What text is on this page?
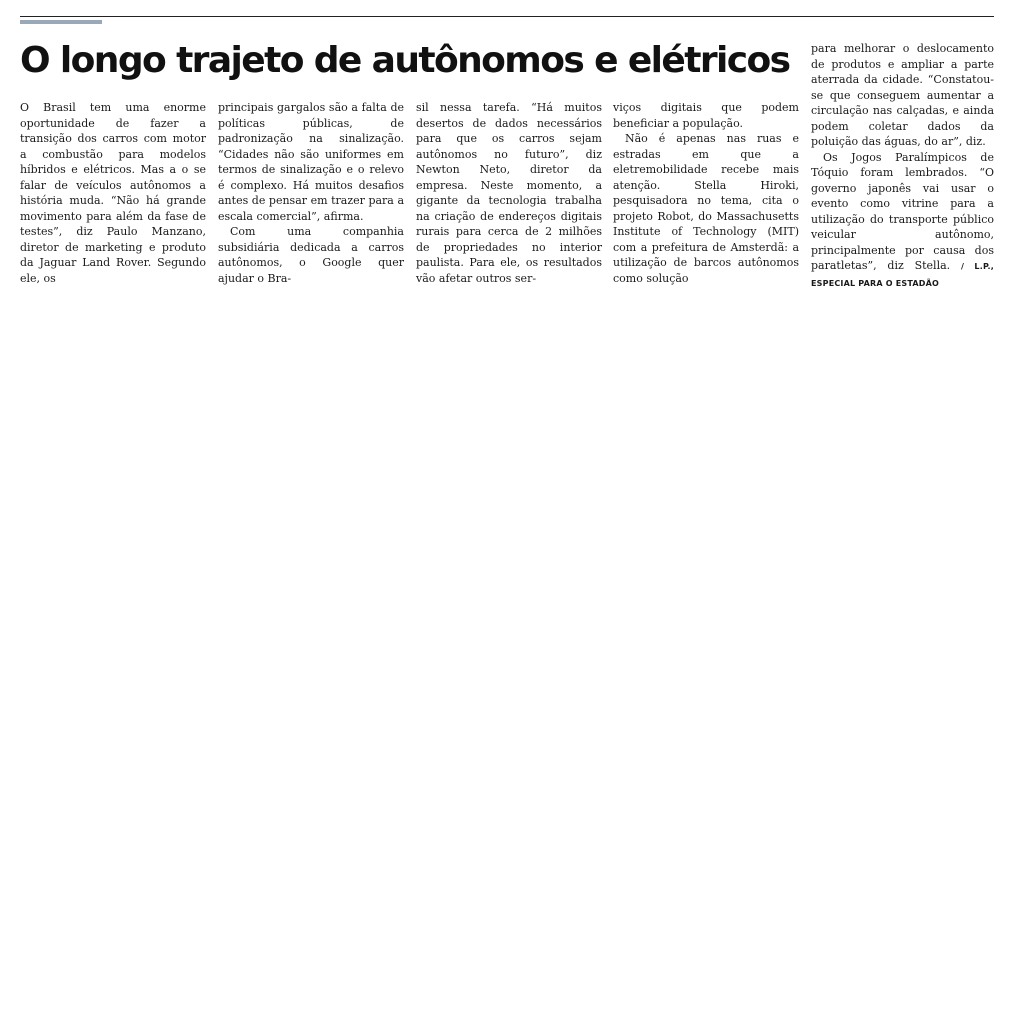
O longo trajeto de autônomos e elétricos

O Brasil tem uma enorme oportunidade de fazer a transição dos carros com motor a combustão para modelos híbridos e elétricos. Mas a o se falar de veículos autônomos a história muda. “Não há grande movimento para além da fase de testes”, diz Paulo Manzano, diretor de marketing e produto da Jaguar Land Rover. Segundo ele, os

principais gargalos são a falta de políticas públicas, de padronização na sinalização. “Cidades não são uniformes em termos de sinalização e o relevo é complexo. Há muitos desafios antes de pensar em trazer para a escala comercial”, afirma.

Com uma companhia subsidiária dedicada a carros autônomos, o Google quer ajudar o Bra-

sil nessa tarefa. “Há muitos desertos de dados necessários para que os carros sejam autônomos no futuro”, diz Newton Neto, diretor da empresa. Neste momento, a gigante da tecnologia trabalha na criação de endereços digitais rurais para cerca de 2 milhões de propriedades no interior paulista. Para ele, os resultados vão afetar outros ser-

viços digitais que podem beneficiar a população.

Não é apenas nas ruas e estradas em que a eletremobilidade recebe mais atenção. Stella Hiroki, pesquisadora no tema, cita o projeto Robot, do Massachusetts Institute of Technology (MIT) com a prefeitura de Amsterdã: a utilização de barcos autônomos como solução

para melhorar o deslocamento de produtos e ampliar a parte aterrada da cidade. “Constatou-se que conseguem aumentar a circulação nas calçadas, e ainda podem coletar dados da poluição das águas, do ar”, diz.

Os Jogos Paralímpicos de Tóquio foram lembrados. “O governo japonês vai usar o evento como vitrine para a utilização do transporte público veicular autônomo, principalmente por causa dos paratletas”, diz Stella. / L.P., ESPECIAL PARA O ESTADÃO
